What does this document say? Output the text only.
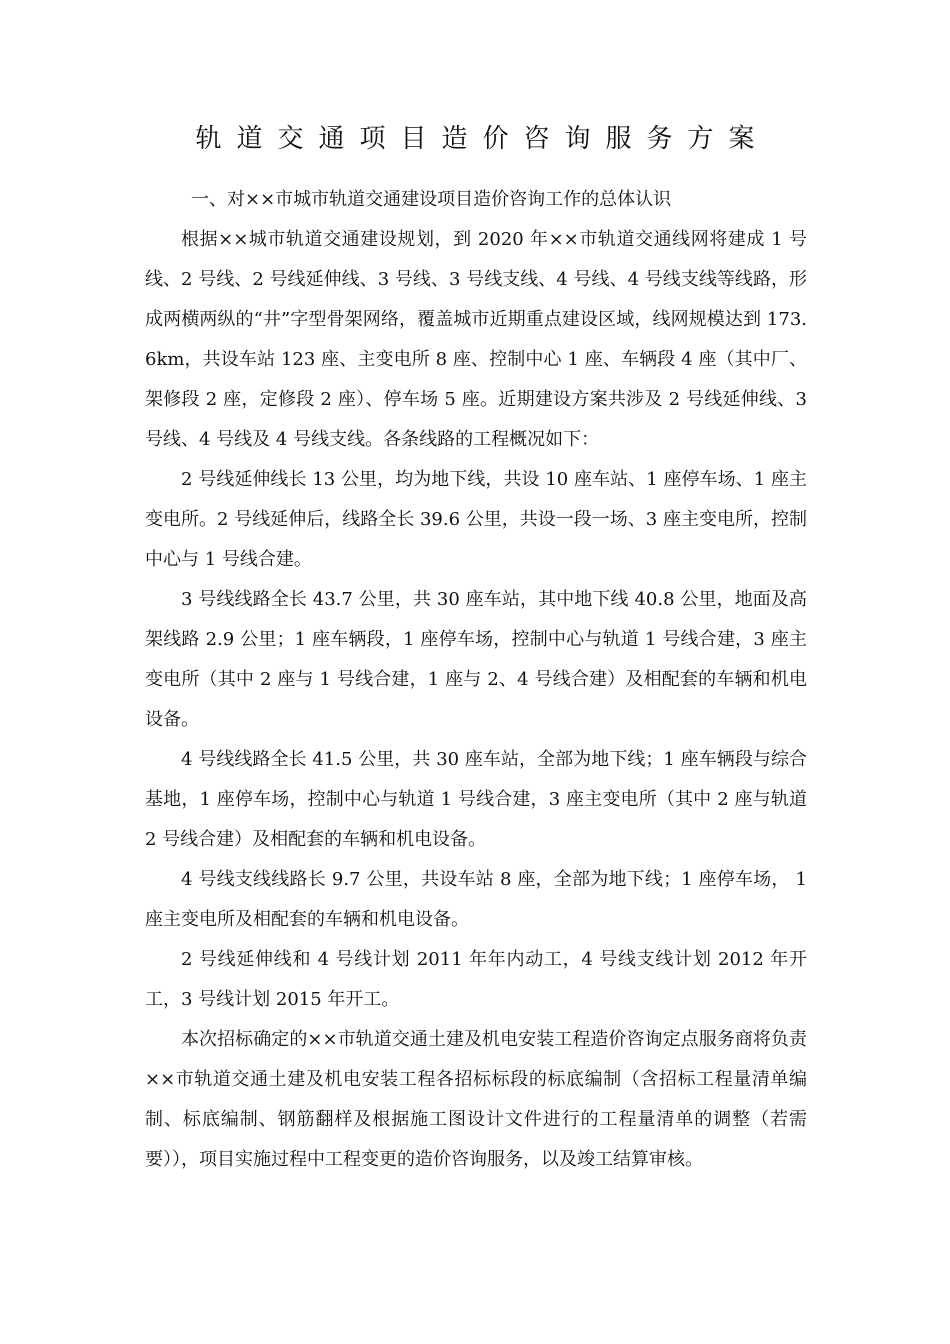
轨道交通项目造价咨询服务方案

一、对××市城市轨道交通建设项目造价咨询工作的总体认识

根据××城市轨道交通建设规划，到 2020 年××市轨道交通线网将建成 1 号线、2 号线、2 号线延伸线、3 号线、3 号线支线、4 号线、4 号线支线等线路，形成两横两纵的“井”字型骨架网络，覆盖城市近期重点建设区域，线网规模达到 173.6km，共设车站 123 座、主变电所 8 座、控制中心 1 座、车辆段 4 座（其中厂、架修段 2 座，定修段 2 座）、停车场 5 座。近期建设方案共涉及 2 号线延伸线、3 号线、4 号线及 4 号线支线。各条线路的工程概况如下：

2 号线延伸线长 13 公里，均为地下线，共设 10 座车站、1 座停车场、1 座主变电所。2 号线延伸后，线路全长 39.6 公里，共设一段一场、3 座主变电所，控制中心与 1 号线合建。

3 号线线路全长 43.7 公里，共 30 座车站，其中地下线 40.8 公里，地面及高架线路 2.9 公里；1 座车辆段，1 座停车场，控制中心与轨道 1 号线合建，3 座主变电所（其中 2 座与 1 号线合建，1 座与 2、4 号线合建）及相配套的车辆和机电设备。

4 号线线路全长 41.5 公里，共 30 座车站，全部为地下线；1 座车辆段与综合基地，1 座停车场，控制中心与轨道 1 号线合建，3 座主变电所（其中 2 座与轨道 2 号线合建）及相配套的车辆和机电设备。

4 号线支线线路长 9.7 公里，共设车站 8 座，全部为地下线；1 座停车场， 1 座主变电所及相配套的车辆和机电设备。

2 号线延伸线和 4 号线计划 2011 年年内动工，4 号线支线计划 2012 年开工，3 号线计划 2015 年开工。

本次招标确定的××市轨道交通土建及机电安装工程造价咨询定点服务商将负责××市轨道交通土建及机电安装工程各招标标段的标底编制（含招标工程量清单编制、标底编制、钢筋翻样及根据施工图设计文件进行的工程量清单的调整（若需要）），项目实施过程中工程变更的造价咨询服务，以及竣工结算审核。
